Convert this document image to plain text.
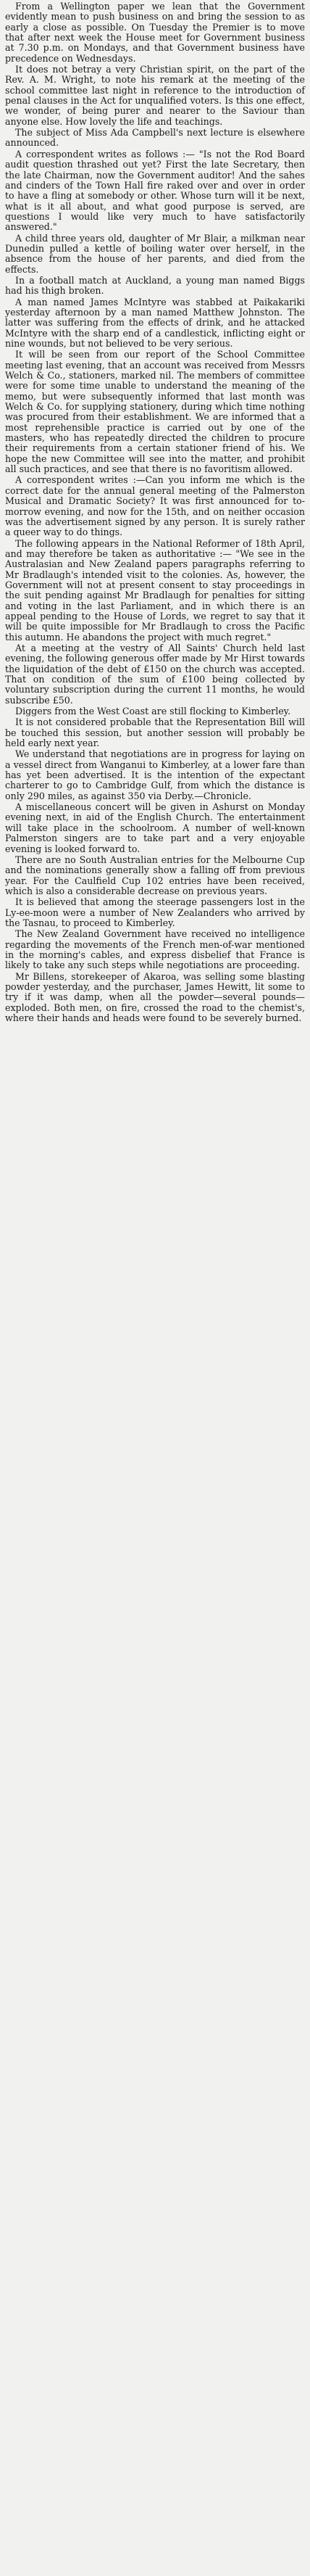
From a Wellington paper we lean that the Government evidently mean to push business on and bring the session to as early a close as possible. On Tuesday the Premier is to move that after next week the House meet for Government business at 7.30 p.m. on Mondays, and that Government business have precedence on Wednesdays.

It does not betray a very Christian spirit, on the part of the Rev. A. M. Wright, to note his remark at the meeting of the school committee last night in reference to the introduction of penal clauses in the Act for unqualified voters. Is this one effect, we wonder, of being purer and nearer to the Saviour than anyone else. How lovely the life and teachings.

The subject of Miss Ada Campbell's next lecture is elsewhere announced.

A correspondent writes as follows :— "Is not the Rod Board audit question thrashed out yet? First the late Secretary, then the late Chairman, now the Government auditor! And the sahes and cinders of the Town Hall fire raked over and over in order to have a fling at somebody or other. Whose turn will it be next, what is it all about, and what good purpose is served, are questions I would like very much to have satisfactorily answered."

A child three years old, daughter of Mr Blair, a milkman near Dunedin pulled a kettle of boiling water over herself, in the absence from the house of her parents, and died from the effects.

In a football match at Auckland, a young man named Biggs had his thigh broken.

A man named James McIntyre was stabbed at Paikakariki yesterday afternoon by a man named Matthew Johnston. The latter was suffering from the effects of drink, and he attacked McIntyre with the sharp end of a candlestick, inflicting eight or nine wounds, but not believed to be very serious.

It will be seen from our report of the School Committee meeting last evening, that an account was received from Messrs Welch & Co., stationers, marked nil. The members of committee were for some time unable to understand the meaning of the memo, but were subsequently informed that last month was Welch & Co. for supplying stationery, during which time nothing was procured from their establishment. We are informed that a most reprehensible practice is carried out by one of the masters, who has repeatedly directed the children to procure their requirements from a certain stationer friend of his. We hope the new Committee will see into the matter, and prohibit all such practices, and see that there is no favoritism allowed.

A correspondent writes :—Can you inform me which is the correct date for the annual general meeting of the Palmerston Musical and Dramatic Society? It was first announced for to-morrow evening, and now for the 15th, and on neither occasion was the advertisement signed by any person. It is surely rather a queer way to do things.

The following appears in the National Reformer of 18th April, and may therefore be taken as authoritative :— "We see in the Australasian and New Zealand papers paragraphs referring to Mr Bradlaugh's intended visit to the colonies. As, however, the Government will not at present consent to stay proceedings in the suit pending against Mr Bradlaugh for penalties for sitting and voting in the last Parliament, and in which there is an appeal pending to the House of Lords, we regret to say that it will be quite impossible for Mr Bradlaugh to cross the Pacific this autumn. He abandons the project with much regret."

At a meeting at the vestry of All Saints' Church held last evening, the following generous offer made by Mr Hirst towards the liquidation of the debt of £150 on the church was accepted. That on condition of the sum of £100 being collected by voluntary subscription during the current 11 months, he would subscribe £50.

Diggers from the West Coast are still flocking to Kimberley.

It is not considered probable that the Representation Bill will be touched this session, but another session will probably be held early next year.

We understand that negotiations are in progress for laying on a vessel direct from Wanganui to Kimberley, at a lower fare than has yet been advertised. It is the intention of the expectant charterer to go to Cambridge Gulf, from which the distance is only 290 miles, as against 350 via Derby.—Chronicle.

A miscellaneous concert will be given in Ashurst on Monday evening next, in aid of the English Church. The entertainment will take place in the schoolroom. A number of well-known Palmerston singers are to take part and a very enjoyable evening is looked forward to.

There are no South Australian entries for the Melbourne Cup and the nominations generally show a falling off from previous year. For the Caulfield Cup 102 entries have been received, which is also a considerable decrease on previous years.

It is believed that among the steerage passengers lost in the Ly-ee-moon were a number of New Zealanders who arrived by the Tasnau, to proceed to Kimberley.

The New Zealand Government have received no intelligence regarding the movements of the French men-of-war mentioned in the morning's cables, and express disbelief that France is likely to take any such steps while negotiations are proceeding.

Mr Billens, storekeeper of Akaroa, was selling some blasting powder yesterday, and the purchaser, James Hewitt, lit some to try if it was damp, when all the powder—several pounds—exploded. Both men, on fire, crossed the road to the chemist's, where their hands and heads were found to be severely burned.
